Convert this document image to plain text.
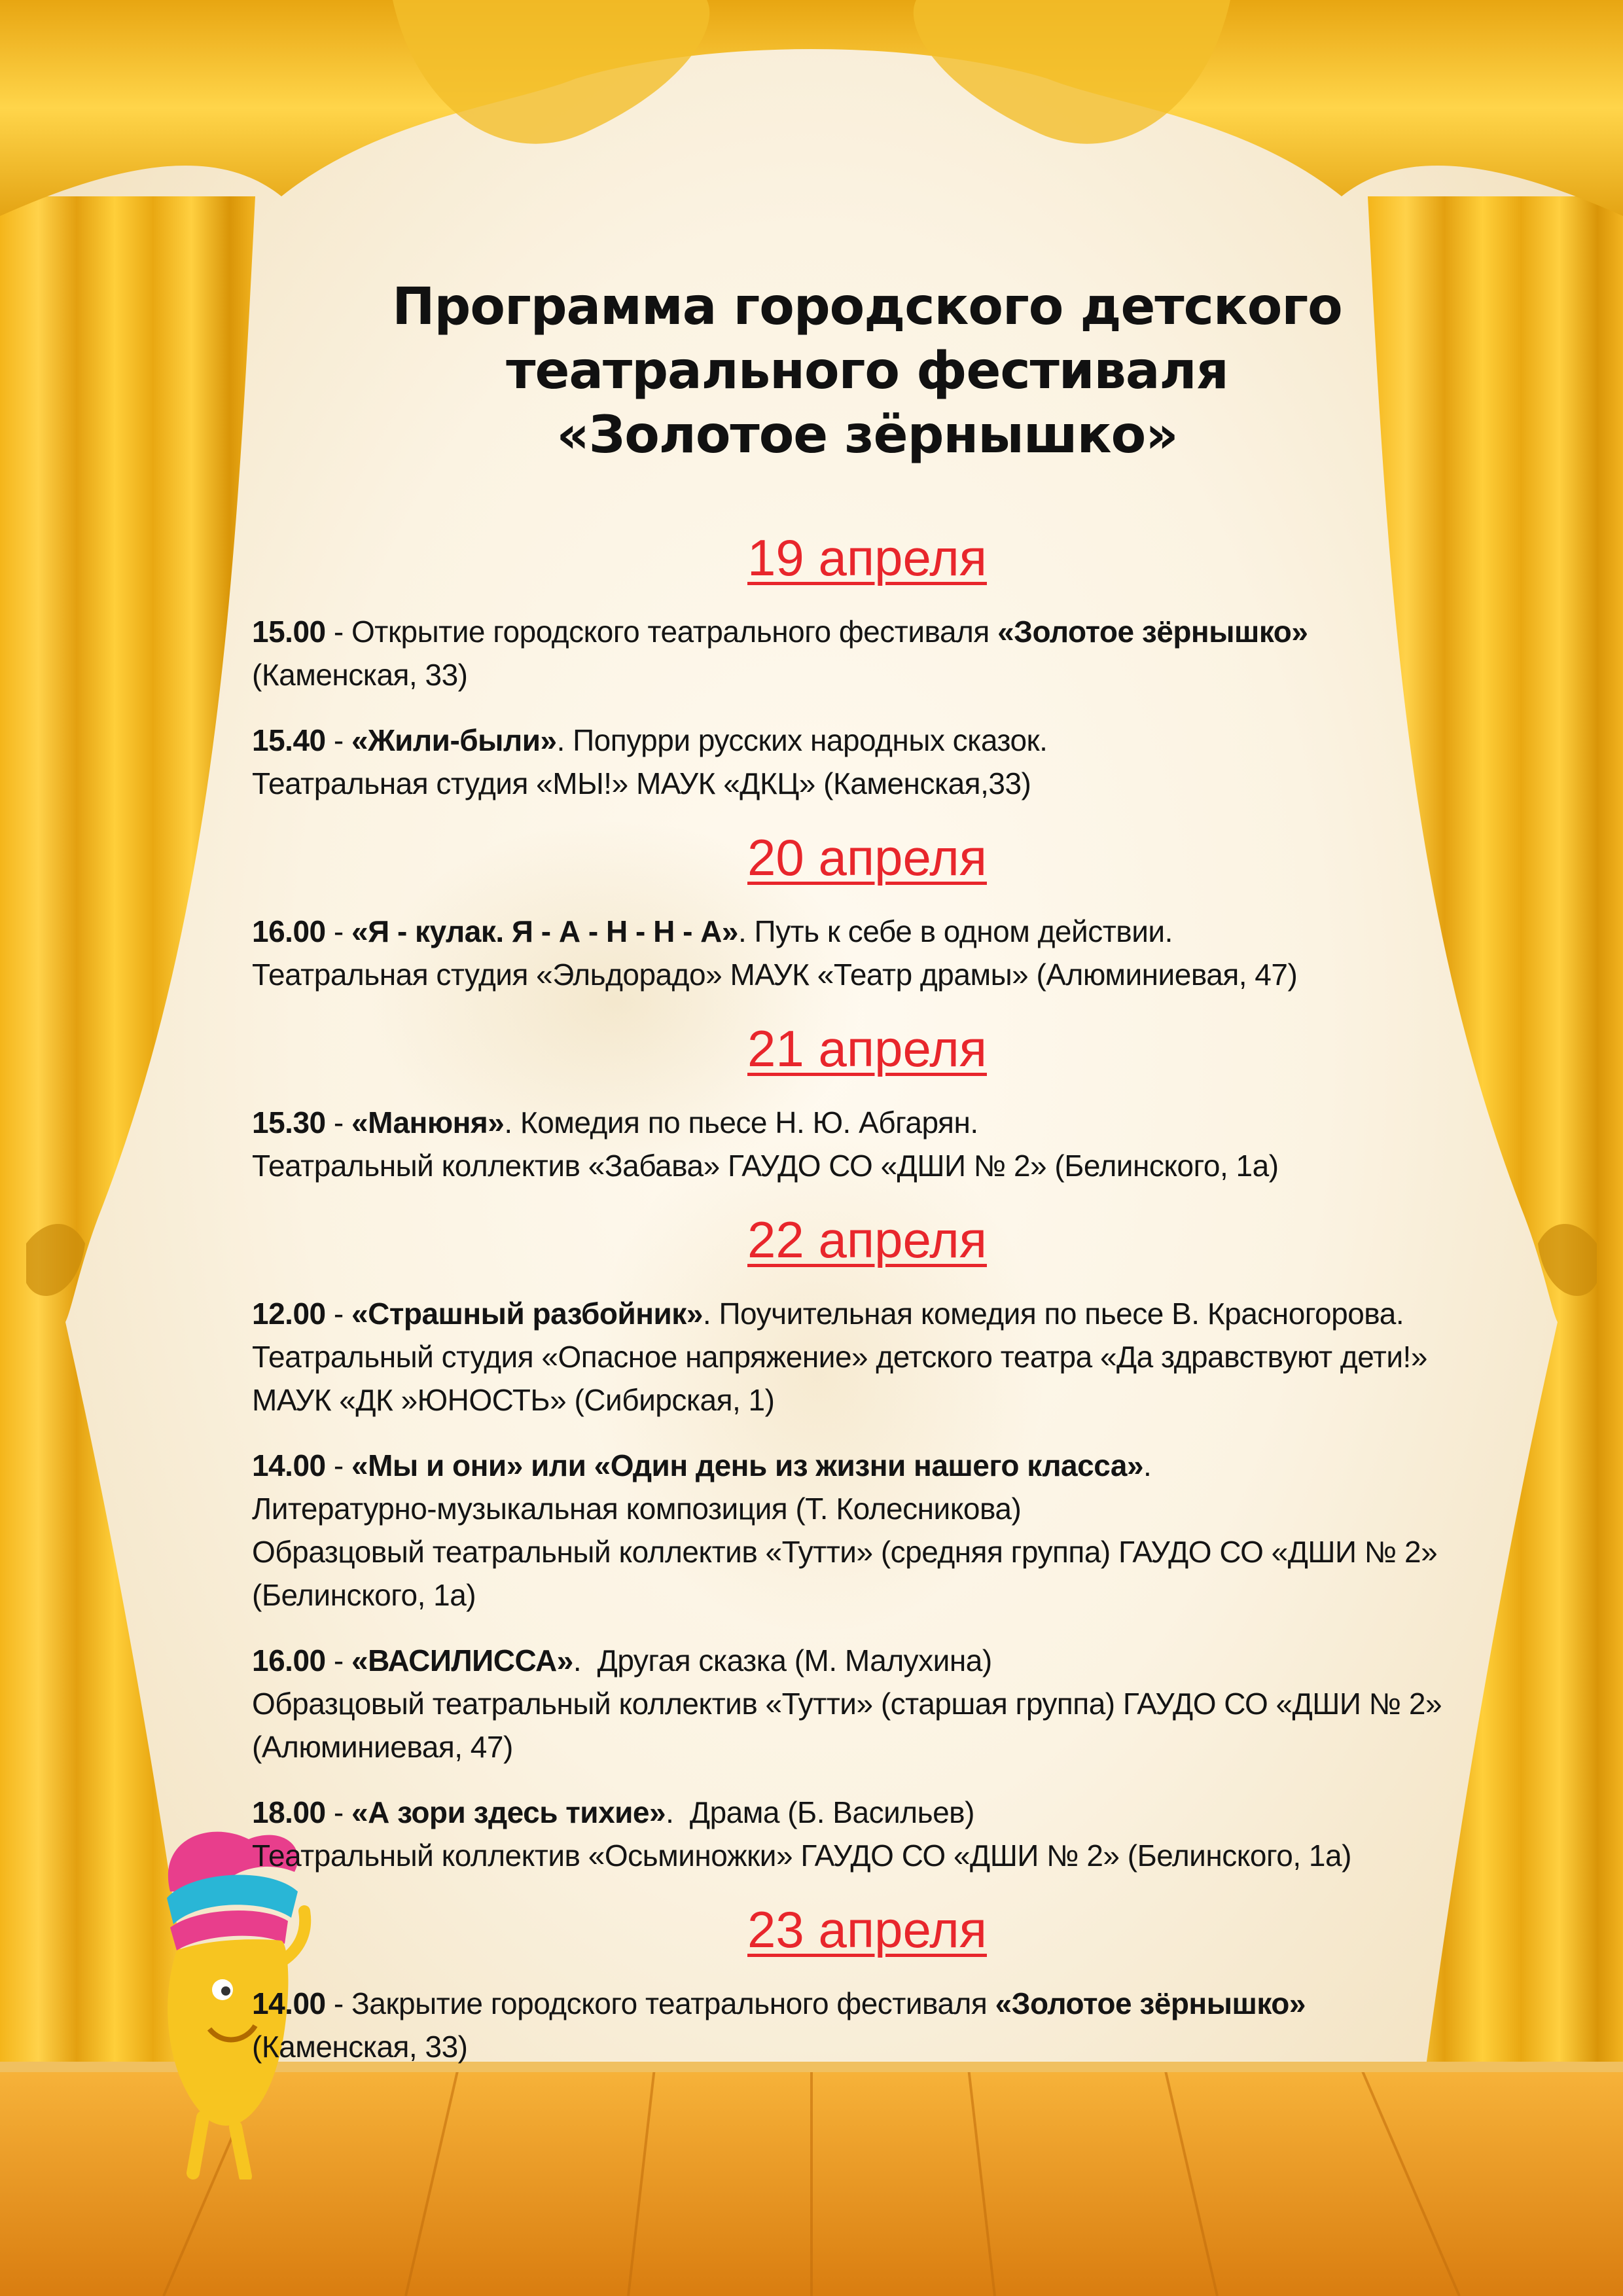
Программа городского детского
театрального фестиваля
«Золотое зёрнышко»
19 апреля
15.00 - Открытие городского театрального фестиваля «Золотое зёрнышко»
(Каменская, 33)
15.40 - «Жили-были». Попурри русских народных сказок.
Театральная студия «МЫ!» МАУК «ДКЦ» (Каменская,33)
20 апреля
16.00 - «Я - кулак. Я - А - Н - Н - А». Путь к себе в одном действии.
Театральная студия «Эльдорадо» МАУК «Театр драмы» (Алюминиевая, 47)
21 апреля
15.30 - «Манюня». Комедия по пьесе Н. Ю. Абгарян.
Театральный коллектив «Забава» ГАУДО СО «ДШИ № 2» (Белинского, 1а)
22 апреля
12.00 - «Страшный разбойник». Поучительная комедия по пьесе В. Красногорова.
Театральный студия «Опасное напряжение» детского театра «Да здравствуют дети!»
МАУК «ДК »ЮНОСТЬ» (Сибирская, 1)
14.00 - «Мы и они» или «Один день из жизни нашего класса».
Литературно-музыкальная композиция (Т. Колесникова)
Образцовый театральный коллектив «Тутти» (средняя группа) ГАУДО СО «ДШИ № 2»
(Белинского, 1а)
16.00 - «ВАСИЛИССА».  Другая сказка (М. Малухина)
Образцовый театральный коллектив «Тутти» (старшая группа) ГАУДО СО «ДШИ № 2»
(Алюминиевая, 47)
18.00 - «А зори здесь тихие».  Драма (Б. Васильев)
Театральный коллектив «Осьминожки» ГАУДО СО «ДШИ № 2» (Белинского, 1а)
23 апреля
14.00 - Закрытие городского театрального фестиваля «Золотое зёрнышко»
(Каменская, 33)
